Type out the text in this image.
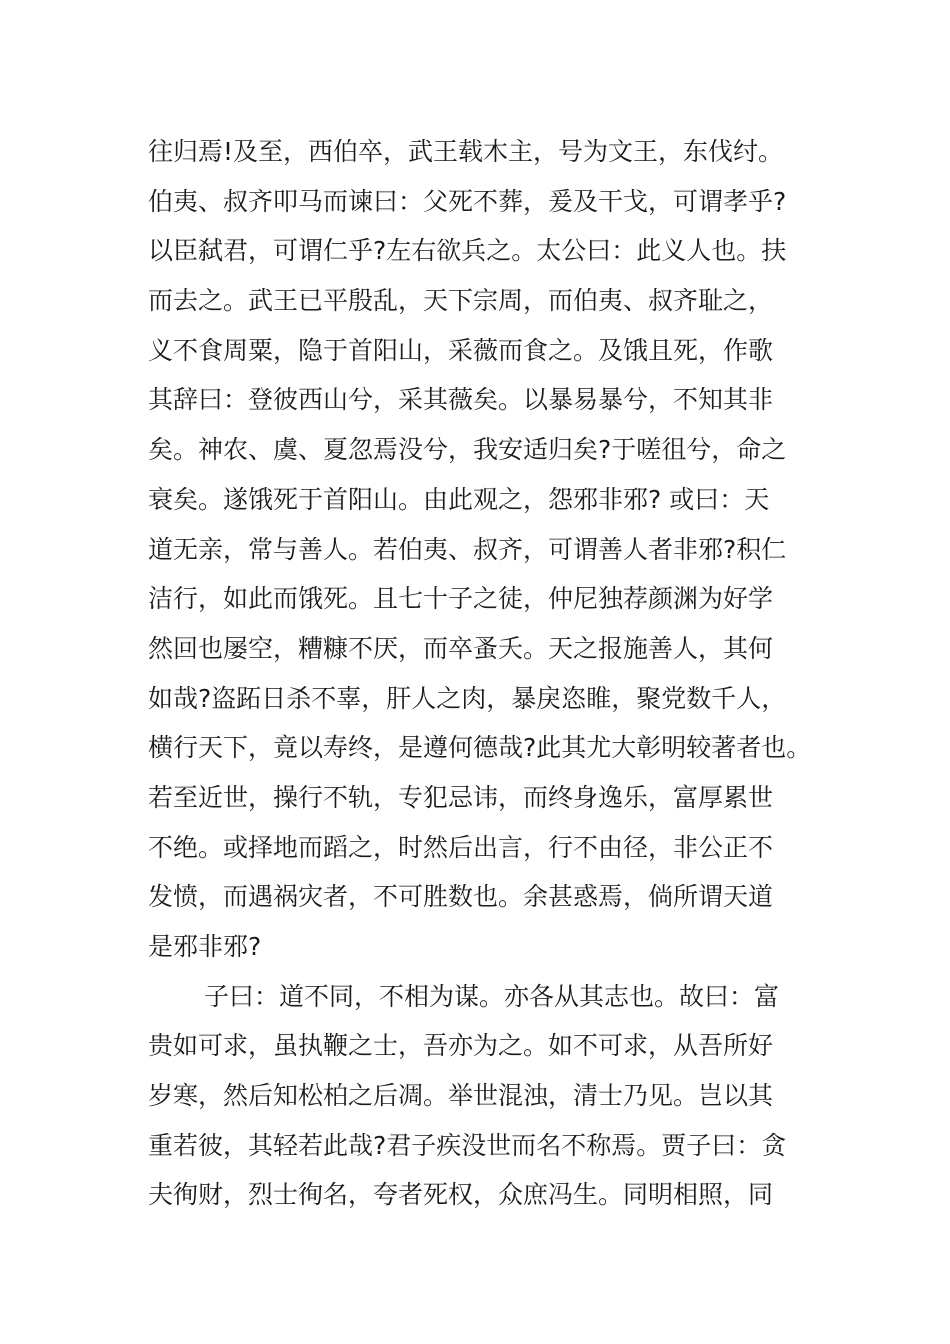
往归焉!及至，西伯卒，武王载木主，号为文王，东伐纣。
伯夷、叔齐叩马而谏曰：父死不葬，爰及干戈，可谓孝乎?
以臣弑君，可谓仁乎?左右欲兵之。太公曰：此义人也。扶
而去之。武王已平殷乱，天下宗周，而伯夷、叔齐耻之，
义不食周粟，隐于首阳山，采薇而食之。及饿且死，作歌
其辞曰：登彼西山兮，采其薇矣。以暴易暴兮，不知其非
矣。神农、虞、夏忽焉没兮，我安适归矣?于嗟徂兮，命之
衰矣。遂饿死于首阳山。由此观之，怨邪非邪? 或曰：天
道无亲，常与善人。若伯夷、叔齐，可谓善人者非邪?积仁
洁行，如此而饿死。且七十子之徒，仲尼独荐颜渊为好学
然回也屡空，糟糠不厌，而卒蚤夭。天之报施善人，其何
如哉?盗跖日杀不辜，肝人之肉，暴戾恣睢，聚党数千人，
横行天下，竟以寿终，是遵何德哉?此其尤大彰明较著者也。
若至近世，操行不轨，专犯忌讳，而终身逸乐，富厚累世
不绝。或择地而蹈之，时然后出言，行不由径，非公正不
发愤，而遇祸灾者，不可胜数也。余甚惑焉，倘所谓天道
是邪非邪?
子曰：道不同，不相为谋。亦各从其志也。故曰：富
贵如可求，虽执鞭之士，吾亦为之。如不可求，从吾所好
岁寒，然后知松柏之后凋。举世混浊，清士乃见。岂以其
重若彼，其轻若此哉?君子疾没世而名不称焉。贾子曰：贪
夫徇财，烈士徇名，夸者死权，众庶冯生。同明相照，同
